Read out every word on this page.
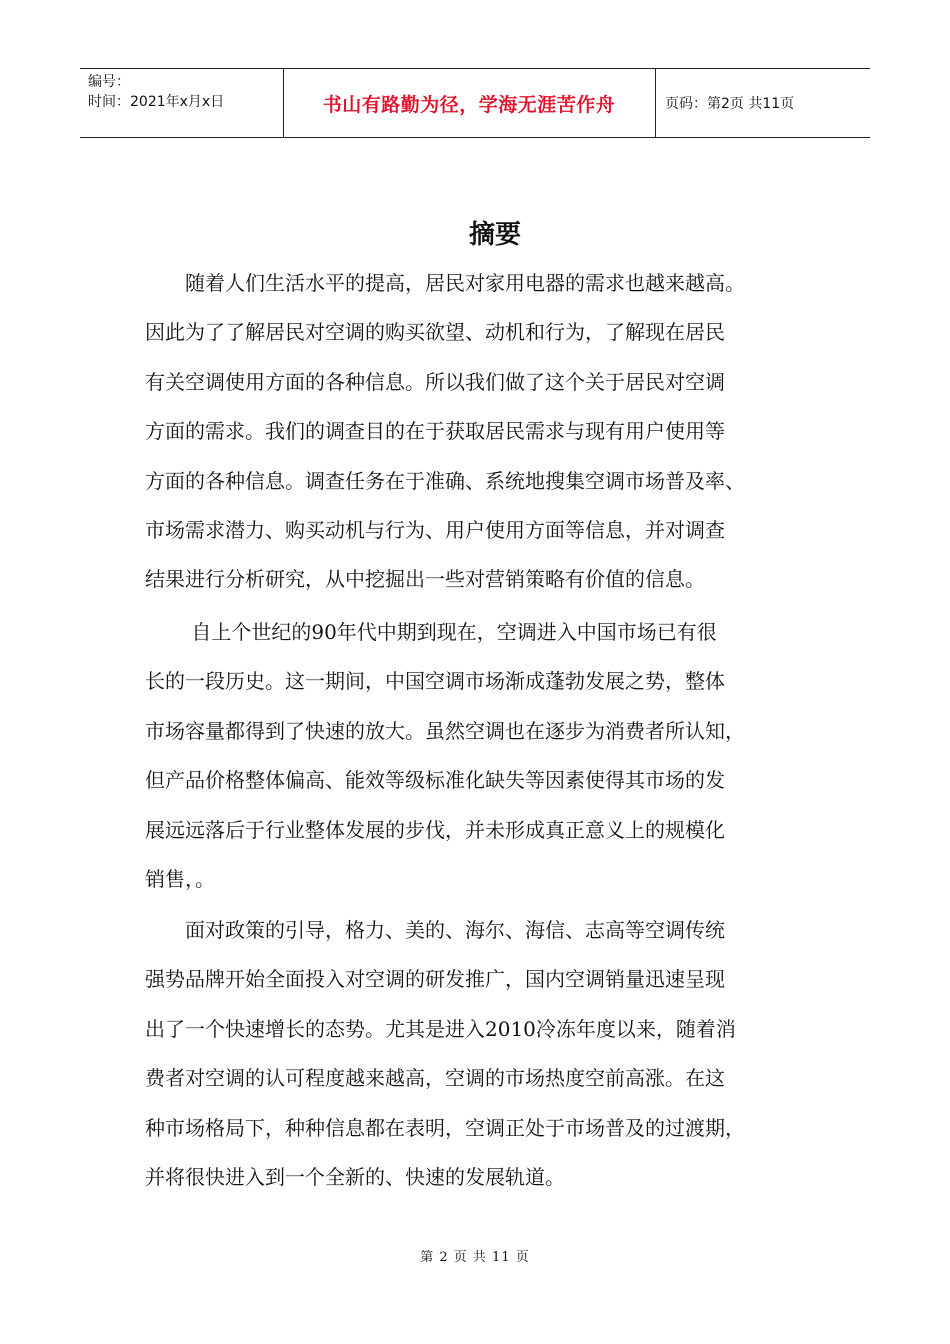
编号：
时间：2021年x月x日	书山有路勤为径，学海无涯苦作舟	页码：第2页 共11页
摘要
　　随着人们生活水平的提高，居民对家用电器的需求也越来越高。
因此为了了解居民对空调的购买欲望、动机和行为，了解现在居民
有关空调使用方面的各种信息。所以我们做了这个关于居民对空调
方面的需求。我们的调查目的在于获取居民需求与现有用户使用等
方面的各种信息。调查任务在于准确、系统地搜集空调市场普及率、
市场需求潜力、购买动机与行为、用户使用方面等信息，并对调查
结果进行分析研究，从中挖掘出一些对营销策略有价值的信息。
　　 自上个世纪的90年代中期到现在，空调进入中国市场已有很
长的一段历史。这一期间，中国空调市场渐成蓬勃发展之势，整体
市场容量都得到了快速的放大。虽然空调也在逐步为消费者所认知，
但产品价格整体偏高、能效等级标准化缺失等因素使得其市场的发
展远远落后于行业整体发展的步伐，并未形成真正意义上的规模化
销售，。
　　面对政策的引导，格力、美的、海尔、海信、志高等空调传统
强势品牌开始全面投入对空调的研发推广，国内空调销量迅速呈现
出了一个快速增长的态势。尤其是进入2010冷冻年度以来，随着消
费者对空调的认可程度越来越高，空调的市场热度空前高涨。在这
种市场格局下，种种信息都在表明，空调正处于市场普及的过渡期，
并将很快进入到一个全新的、快速的发展轨道。
第 2 页 共 11 页
